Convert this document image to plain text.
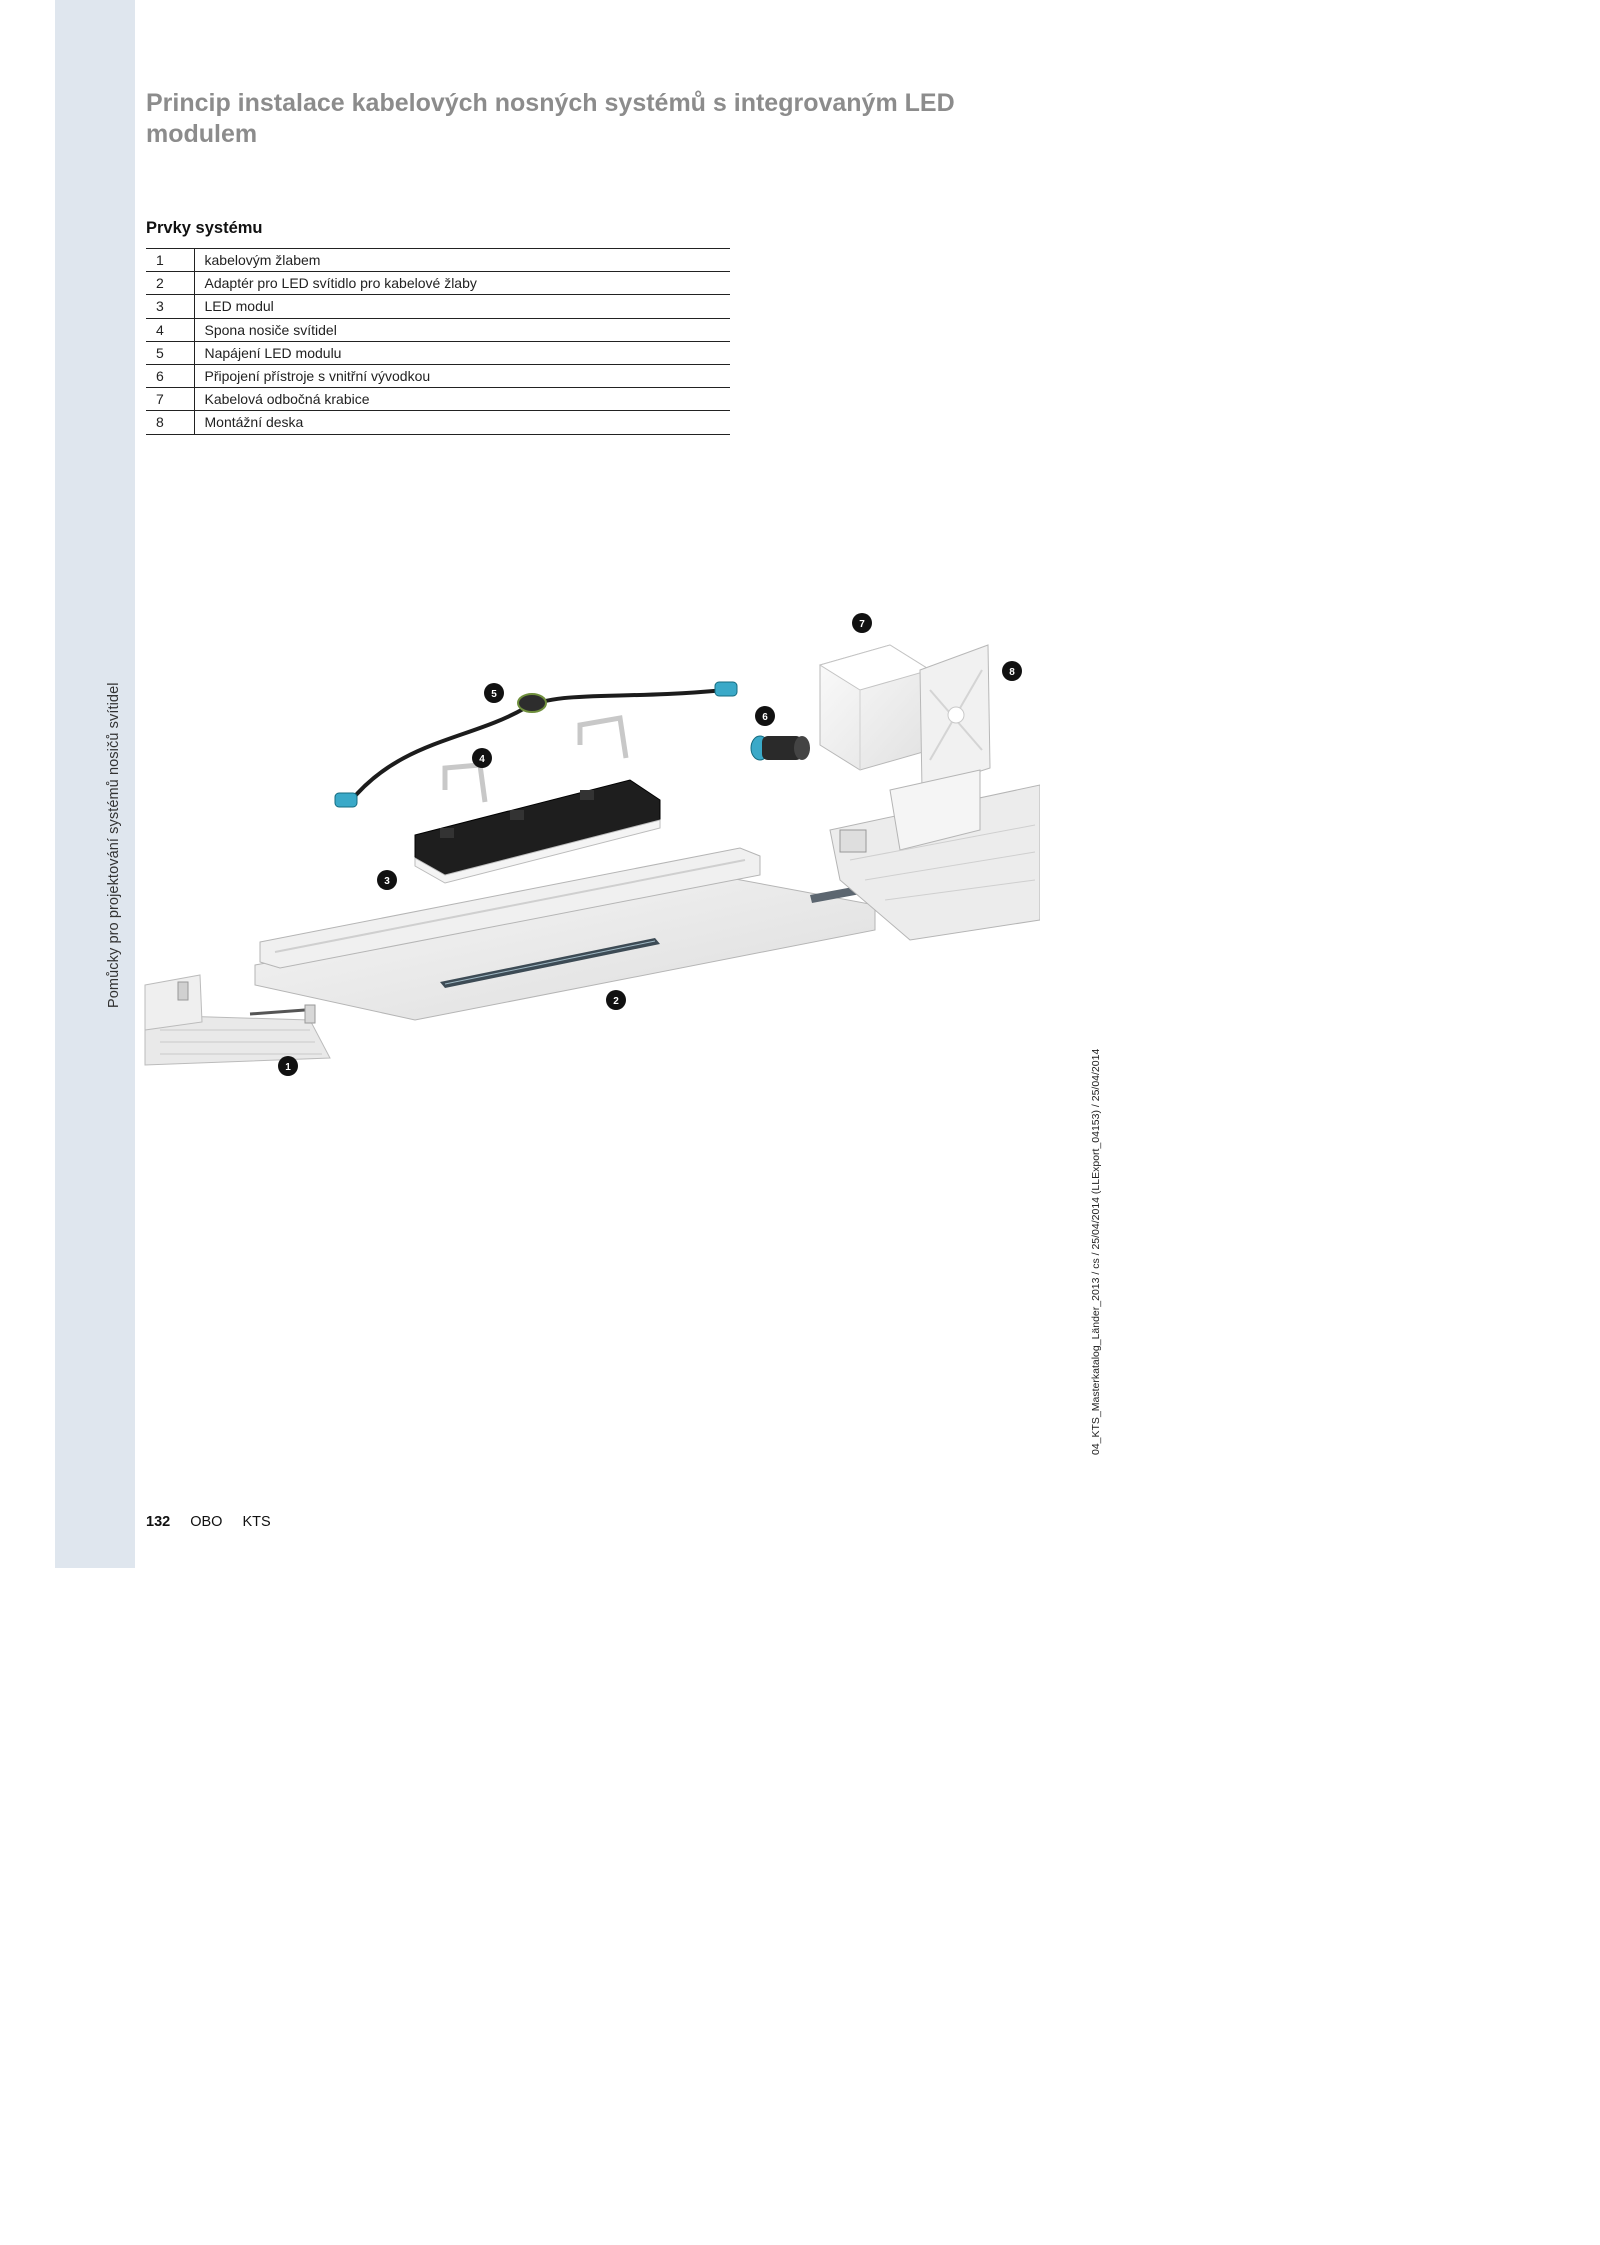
Pomůcky pro projektování systémů nosičů svítidel
Princip instalace kabelových nosných systémů s integrovaným LED modulem
Prvky systému
1	kabelovým žlabem
2	Adaptér pro LED svítidlo pro kabelové žlaby
3	LED modul
4	Spona nosiče svítidel
5	Napájení LED modulu
6	Připojení přístroje s vnitřní vývodkou
7	Kabelová odbočná krabice
8	Montážní deska
1
2
3
4
5
6
7
8
132 OBO KTS
04_KTS_Masterkatalog_Länder_2013 / cs / 25/04/2014 (LLExport_04153) / 25/04/2014
